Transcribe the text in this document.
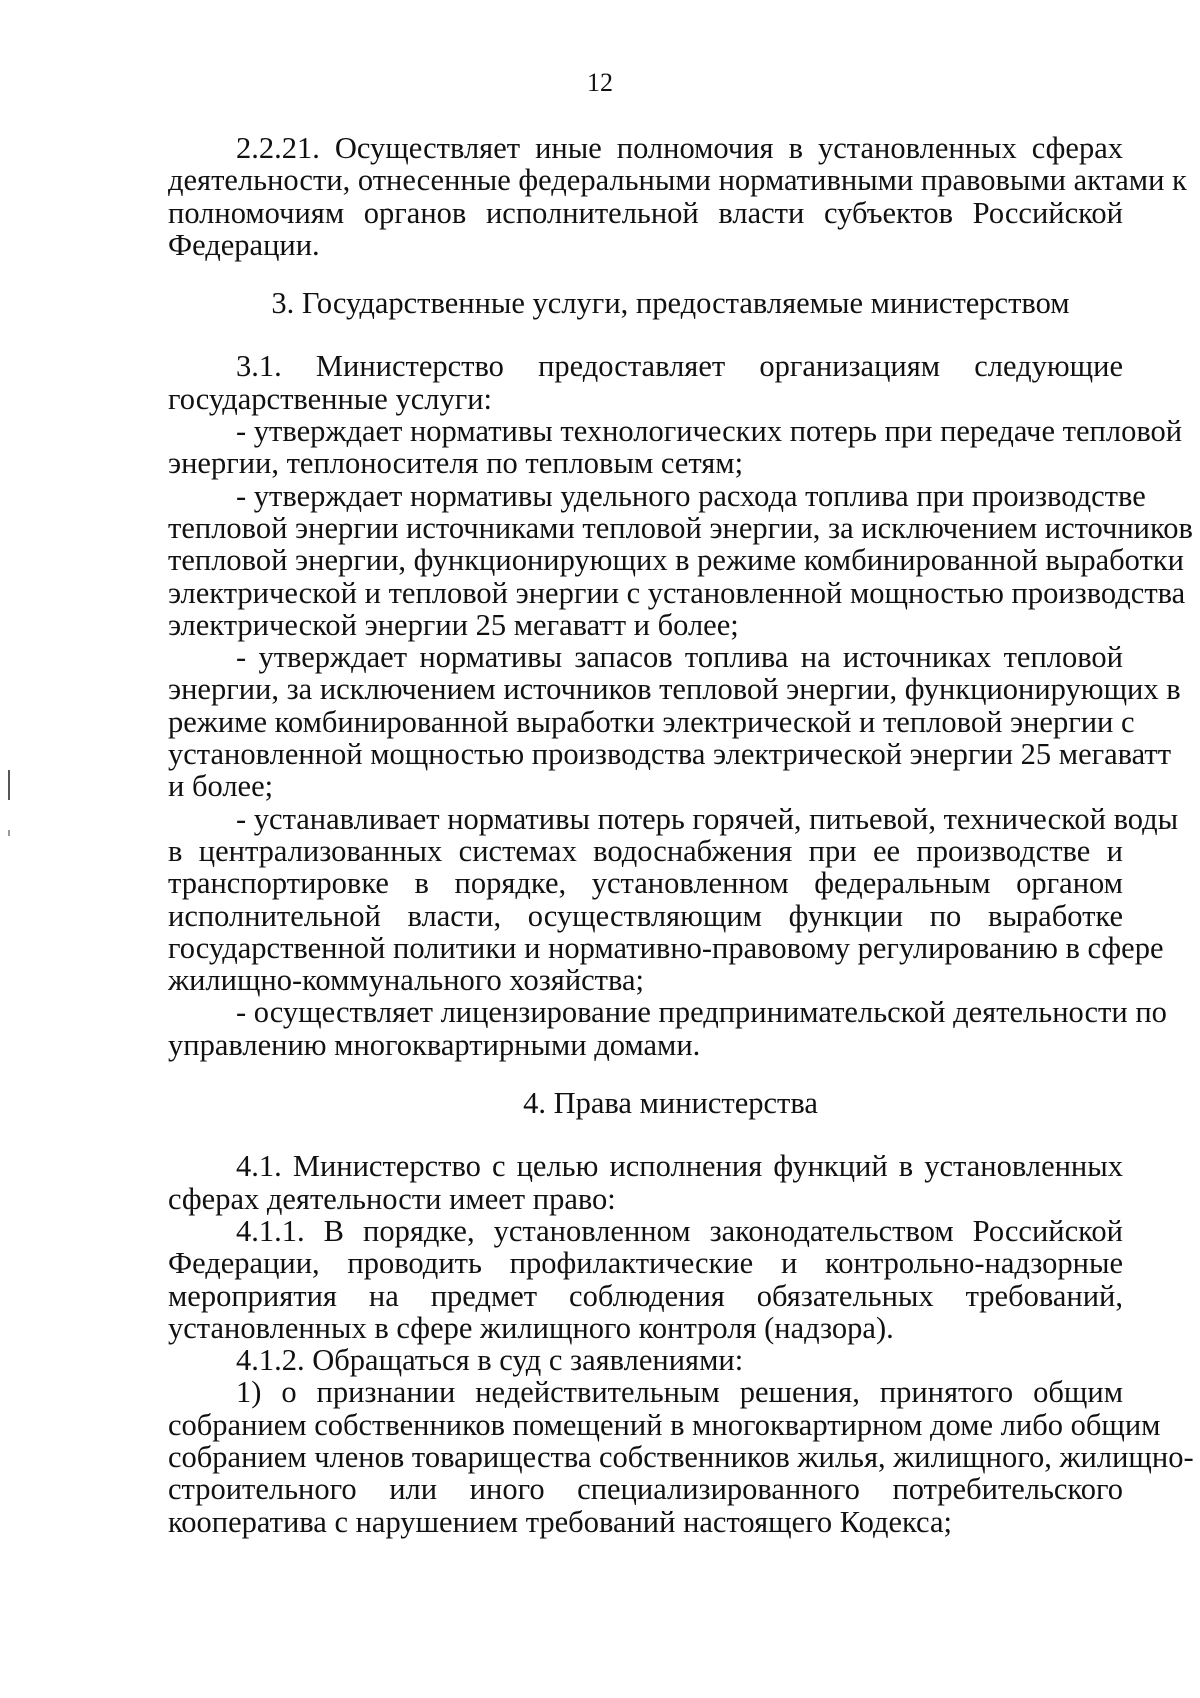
12
2.2.21. Осуществляет иные полномочия в установленных сферах
деятельности, отнесенные федеральными нормативными правовыми актами к
полномочиям органов исполнительной власти субъектов Российской
Федерации.
3. Государственные услуги, предоставляемые министерством
3.1. Министерство предоставляет организациям следующие
государственные услуги:
- утверждает нормативы технологических потерь при передаче тепловой
энергии, теплоносителя по тепловым сетям;
- утверждает нормативы удельного расхода топлива при производстве
тепловой энергии источниками тепловой энергии, за исключением источников
тепловой энергии, функционирующих в режиме комбинированной выработки
электрической и тепловой энергии с установленной мощностью производства
электрической энергии 25 мегаватт и более;
- утверждает нормативы запасов топлива на источниках тепловой
энергии, за исключением источников тепловой энергии, функционирующих в
режиме комбинированной выработки электрической и тепловой энергии с
установленной мощностью производства электрической энергии 25 мегаватт
и более;
- устанавливает нормативы потерь горячей, питьевой, технической воды
в централизованных системах водоснабжения при ее производстве и
транспортировке в порядке, установленном федеральным органом
исполнительной власти, осуществляющим функции по выработке
государственной политики и нормативно-правовому регулированию в сфере
жилищно-коммунального хозяйства;
- осуществляет лицензирование предпринимательской деятельности по
управлению многоквартирными домами.
4. Права министерства
4.1. Министерство с целью исполнения функций в установленных
сферах деятельности имеет право:
4.1.1. В порядке, установленном законодательством Российской
Федерации, проводить профилактические и контрольно-надзорные
мероприятия на предмет соблюдения обязательных требований,
установленных в сфере жилищного контроля (надзора).
4.1.2. Обращаться в суд с заявлениями:
1) о признании недействительным решения, принятого общим
собранием собственников помещений в многоквартирном доме либо общим
собранием членов товарищества собственников жилья, жилищного, жилищно-
строительного или иного специализированного потребительского
кооператива с нарушением требований настоящего Кодекса;
